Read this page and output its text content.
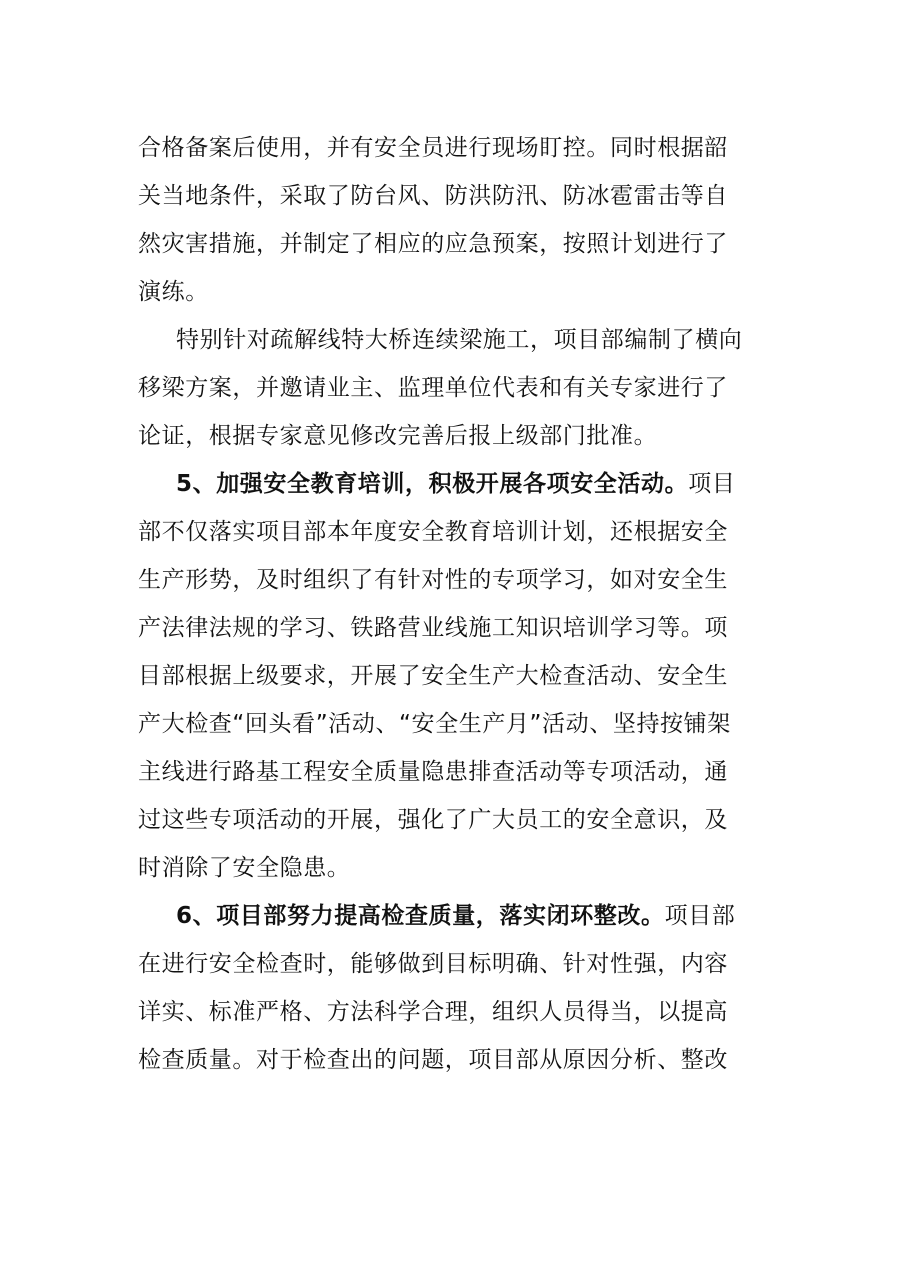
合格备案后使用，并有安全员进行现场盯控。同时根据韶
关当地条件，采取了防台风、防洪防汛、防冰雹雷击等自
然灾害措施，并制定了相应的应急预案，按照计划进行了
演练。
特别针对疏解线特大桥连续梁施工，项目部编制了横向
移梁方案，并邀请业主、监理单位代表和有关专家进行了
论证，根据专家意见修改完善后报上级部门批准。
5、加强安全教育培训，积极开展各项安全活动。项目
部不仅落实项目部本年度安全教育培训计划，还根据安全
生产形势，及时组织了有针对性的专项学习，如对安全生
产法律法规的学习、铁路营业线施工知识培训学习等。项
目部根据上级要求，开展了安全生产大检查活动、安全生
产大检查“回头看”活动、“安全生产月”活动、坚持按铺架
主线进行路基工程安全质量隐患排查活动等专项活动，通
过这些专项活动的开展，强化了广大员工的安全意识，及
时消除了安全隐患。
6、项目部努力提高检查质量，落实闭环整改。项目部
在进行安全检查时，能够做到目标明确、针对性强，内容
详实、标准严格、方法科学合理，组织人员得当，以提高
检查质量。对于检查出的问题，项目部从原因分析、整改
